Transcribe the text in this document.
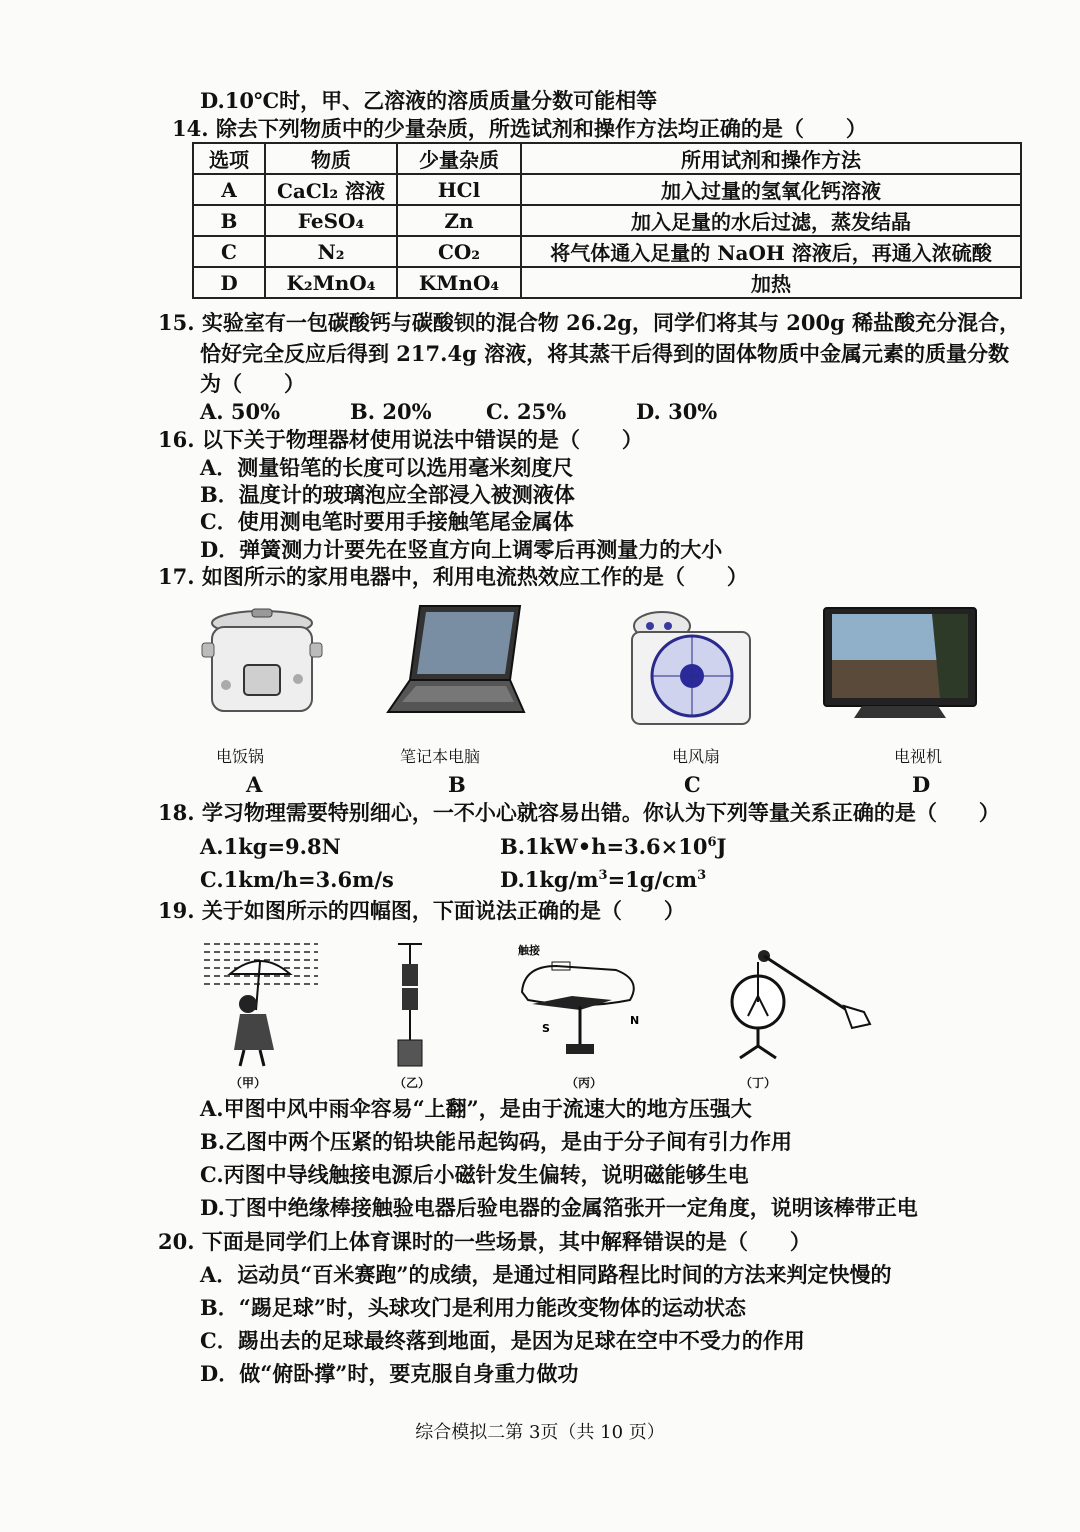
D.10℃时，甲、乙溶液的溶质质量分数可能相等
14. 除去下列物质中的少量杂质，所选试剂和操作方法均正确的是（　　）
选项	物质	少量杂质	所用试剂和操作方法
A	CaCl₂ 溶液	HCl	加入过量的氢氧化钙溶液
B	FeSO₄	Zn	加入足量的水后过滤，蒸发结晶
C	N₂	CO₂	将气体通入足量的 NaOH 溶液后，再通入浓硫酸
D	K₂MnO₄	KMnO₄	加热
15. 实验室有一包碳酸钙与碳酸钡的混合物 26.2g，同学们将其与 200g 稀盐酸充分混合，
恰好完全反应后得到 217.4g 溶液，将其蒸干后得到的固体物质中金属元素的质量分数
为（　　）
A. 50%	B. 20%	C. 25%	D. 30%
16. 以下关于物理器材使用说法中错误的是（　　）
A．测量铅笔的长度可以选用毫米刻度尺
B．温度计的玻璃泡应全部浸入被测液体
C．使用测电笔时要用手接触笔尾金属体
D．弹簧测力计要先在竖直方向上调零后再测量力的大小
17. 如图所示的家用电器中，利用电流热效应工作的是（　　）
电饭锅
A
笔记本电脑
B
电风扇
C
电视机
D
18. 学习物理需要特别细心，一不小心就容易出错。你认为下列等量关系正确的是（　　）
A.1kg=9.8N	$B.1kW•h=3.6\times 10^6J$
C.1km/h=3.6m/s	$D.1kg/m^3=1g/cm^3$
19. 关于如图所示的四幅图，下面说法正确的是（　　）
（甲）	（乙）
触接
S
N
（丙）	（丁）
A.甲图中风中雨伞容易“上翻”，是由于流速大的地方压强大
B.乙图中两个压紧的铅块能吊起钩码，是由于分子间有引力作用
C.丙图中导线触接电源后小磁针发生偏转，说明磁能够生电
D.丁图中绝缘棒接触验电器后验电器的金属箔张开一定角度，说明该棒带正电
20. 下面是同学们上体育课时的一些场景，其中解释错误的是（　　）
A．运动员“百米赛跑”的成绩，是通过相同路程比时间的方法来判定快慢的
B．“踢足球”时，头球攻门是利用力能改变物体的运动状态
C．踢出去的足球最终落到地面，是因为足球在空中不受力的作用
D．做“俯卧撑”时，要克服自身重力做功
综合模拟二第 3页（共 10 页）
